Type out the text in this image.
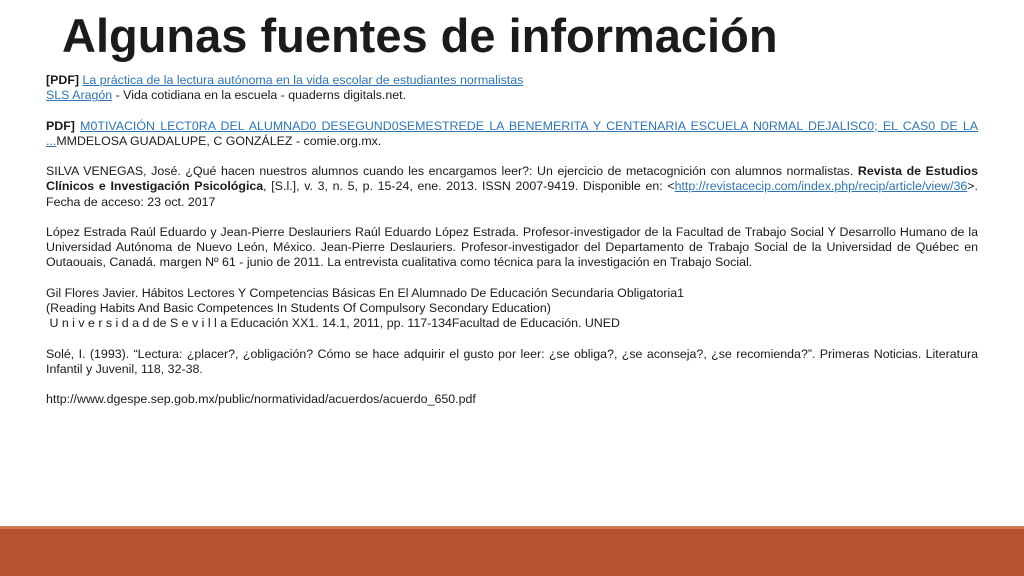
Algunas fuentes de información

[PDF] La práctica de la lectura autónoma en la vida escolar de estudiantes normalistas

SLS Aragón - Vida cotidiana en la escuela - quaderns digitals.net.

PDF] M0TIVACIÓN LECT0RA DEL ALUMNAD0 DESEGUND0SEMESTREDE LA BENEMERITA Y CENTENARIA ESCUELA N0RMAL DEJALISC0; EL CAS0 DE LA ...MMDELOSA GUADALUPE, C GONZÁLEZ - comie.org.mx.

SILVA VENEGAS, José. ¿Qué hacen nuestros alumnos cuando les encargamos leer?: Un ejercicio de metacognición con alumnos normalistas. Revista de Estudios Clínicos e Investigación Psicológica, [S.l.], v. 3, n. 5, p. 15-24, ene. 2013. ISSN 2007-9419. Disponible en: <http://revistacecip.com/index.php/recip/article/view/36>. Fecha de acceso: 23 oct. 2017

López Estrada Raúl Eduardo y Jean-Pierre Deslauriers Raúl Eduardo López Estrada. Profesor-investigador de la Facultad de Trabajo Social Y Desarrollo Humano de la Universidad Autónoma de Nuevo León, México. Jean-Pierre Deslauriers. Profesor-investigador del Departamento de Trabajo Social de la Universidad de Québec en Outaouais, Canadá. margen Nº 61 - junio de 2011. La entrevista cualitativa como técnica para la investigación en Trabajo Social.

Gil Flores Javier. Hábitos Lectores Y Competencias Básicas En El Alumnado De Educación Secundaria Obligatoria1

(Reading Habits And Basic Competences In Students Of Compulsory Secondary Education)

U n i v e r s i d a d de S e v i l l a Educación XX1. 14.1, 2011, pp. 117-134Facultad de Educación. UNED

Solé, I. (1993). “Lectura: ¿placer?, ¿obligación? Cómo se hace adquirir el gusto por leer: ¿se obliga?, ¿se aconseja?, ¿se recomienda?”. Primeras Noticias. Literatura Infantil y Juvenil, 118, 32-38.

http://www.dgespe.sep.gob.mx/public/normatividad/acuerdos/acuerdo_650.pdf
